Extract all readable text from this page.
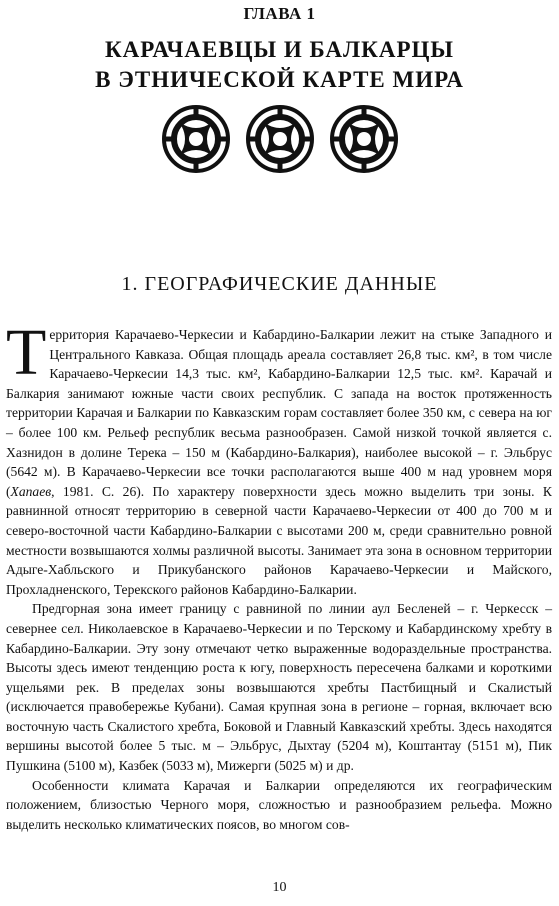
ГЛАВА 1
КАРАЧАЕВЦЫ И БАЛКАРЦЫ
В ЭТНИЧЕСКОЙ КАРТЕ МИРА
1. ГЕОГРАФИЧЕСКИЕ ДАННЫЕ

Территория Карачаево-Черкесии и Кабардино-Балкарии лежит на стыке Западного и Центрального Кавказа. Общая площадь ареала составляет 26,8 тыс. км², в том числе Карачаево-Черкесии 14,3 тыс. км², Кабардино-Балкарии 12,5 тыс. км². Карачай и Балкария занимают южные части своих республик. С запада на восток протяженность территории Карачая и Балкарии по Кавказским горам составляет более 350 км, с севера на юг – более 100 км. Рельеф республик весьма разнообразен. Самой низкой точкой является с. Хазнидон в долине Терека – 150 м (Кабардино-Балкария), наиболее высокой – г. Эльбрус (5642 м). В Карачаево-Черкесии все точки располагаются выше 400 м над уровнем моря (Хапаев, 1981. С. 26). По характеру поверхности здесь можно выделить три зоны. К равнинной относят территорию в северной части Карачаево-Черкесии от 400 до 700 м и северо-восточной части Кабардино-Балкарии с высотами 200 м, среди сравнительно ровной местности возвышаются холмы различной высоты. Занимает эта зона в основном территории Адыге-Хабльского и Прикубанского районов Карачаево-Черкесии и Майского, Прохладненского, Терекского районов Кабардино-Балкарии.

Предгорная зона имеет границу с равниной по линии аул Бесленей – г. Черкесск – севернее сел. Николаевское в Карачаево-Черкесии и по Терскому и Кабардинскому хребту в Кабардино-Балкарии. Эту зону отмечают четко выраженные водораздельные пространства. Высоты здесь имеют тенденцию роста к югу, поверхность пересечена балками и короткими ущельями рек. В пределах зоны возвышаются хребты Пастбищный и Скалистый (исключается правобережье Кубани). Самая крупная зона в регионе – горная, включает всю восточную часть Скалистого хребта, Боковой и Главный Кавказский хребты. Здесь находятся вершины высотой более 5 тыс. м – Эльбрус, Дыхтау (5204 м), Коштантау (5151 м), Пик Пушкина (5100 м), Казбек (5033 м), Мижерги (5025 м) и др.

Особенности климата Карачая и Балкарии определяются их географическим положением, близостью Черного моря, сложностью и разнообразием рельефа. Можно выделить несколько климатических поясов, во многом сов-

10
